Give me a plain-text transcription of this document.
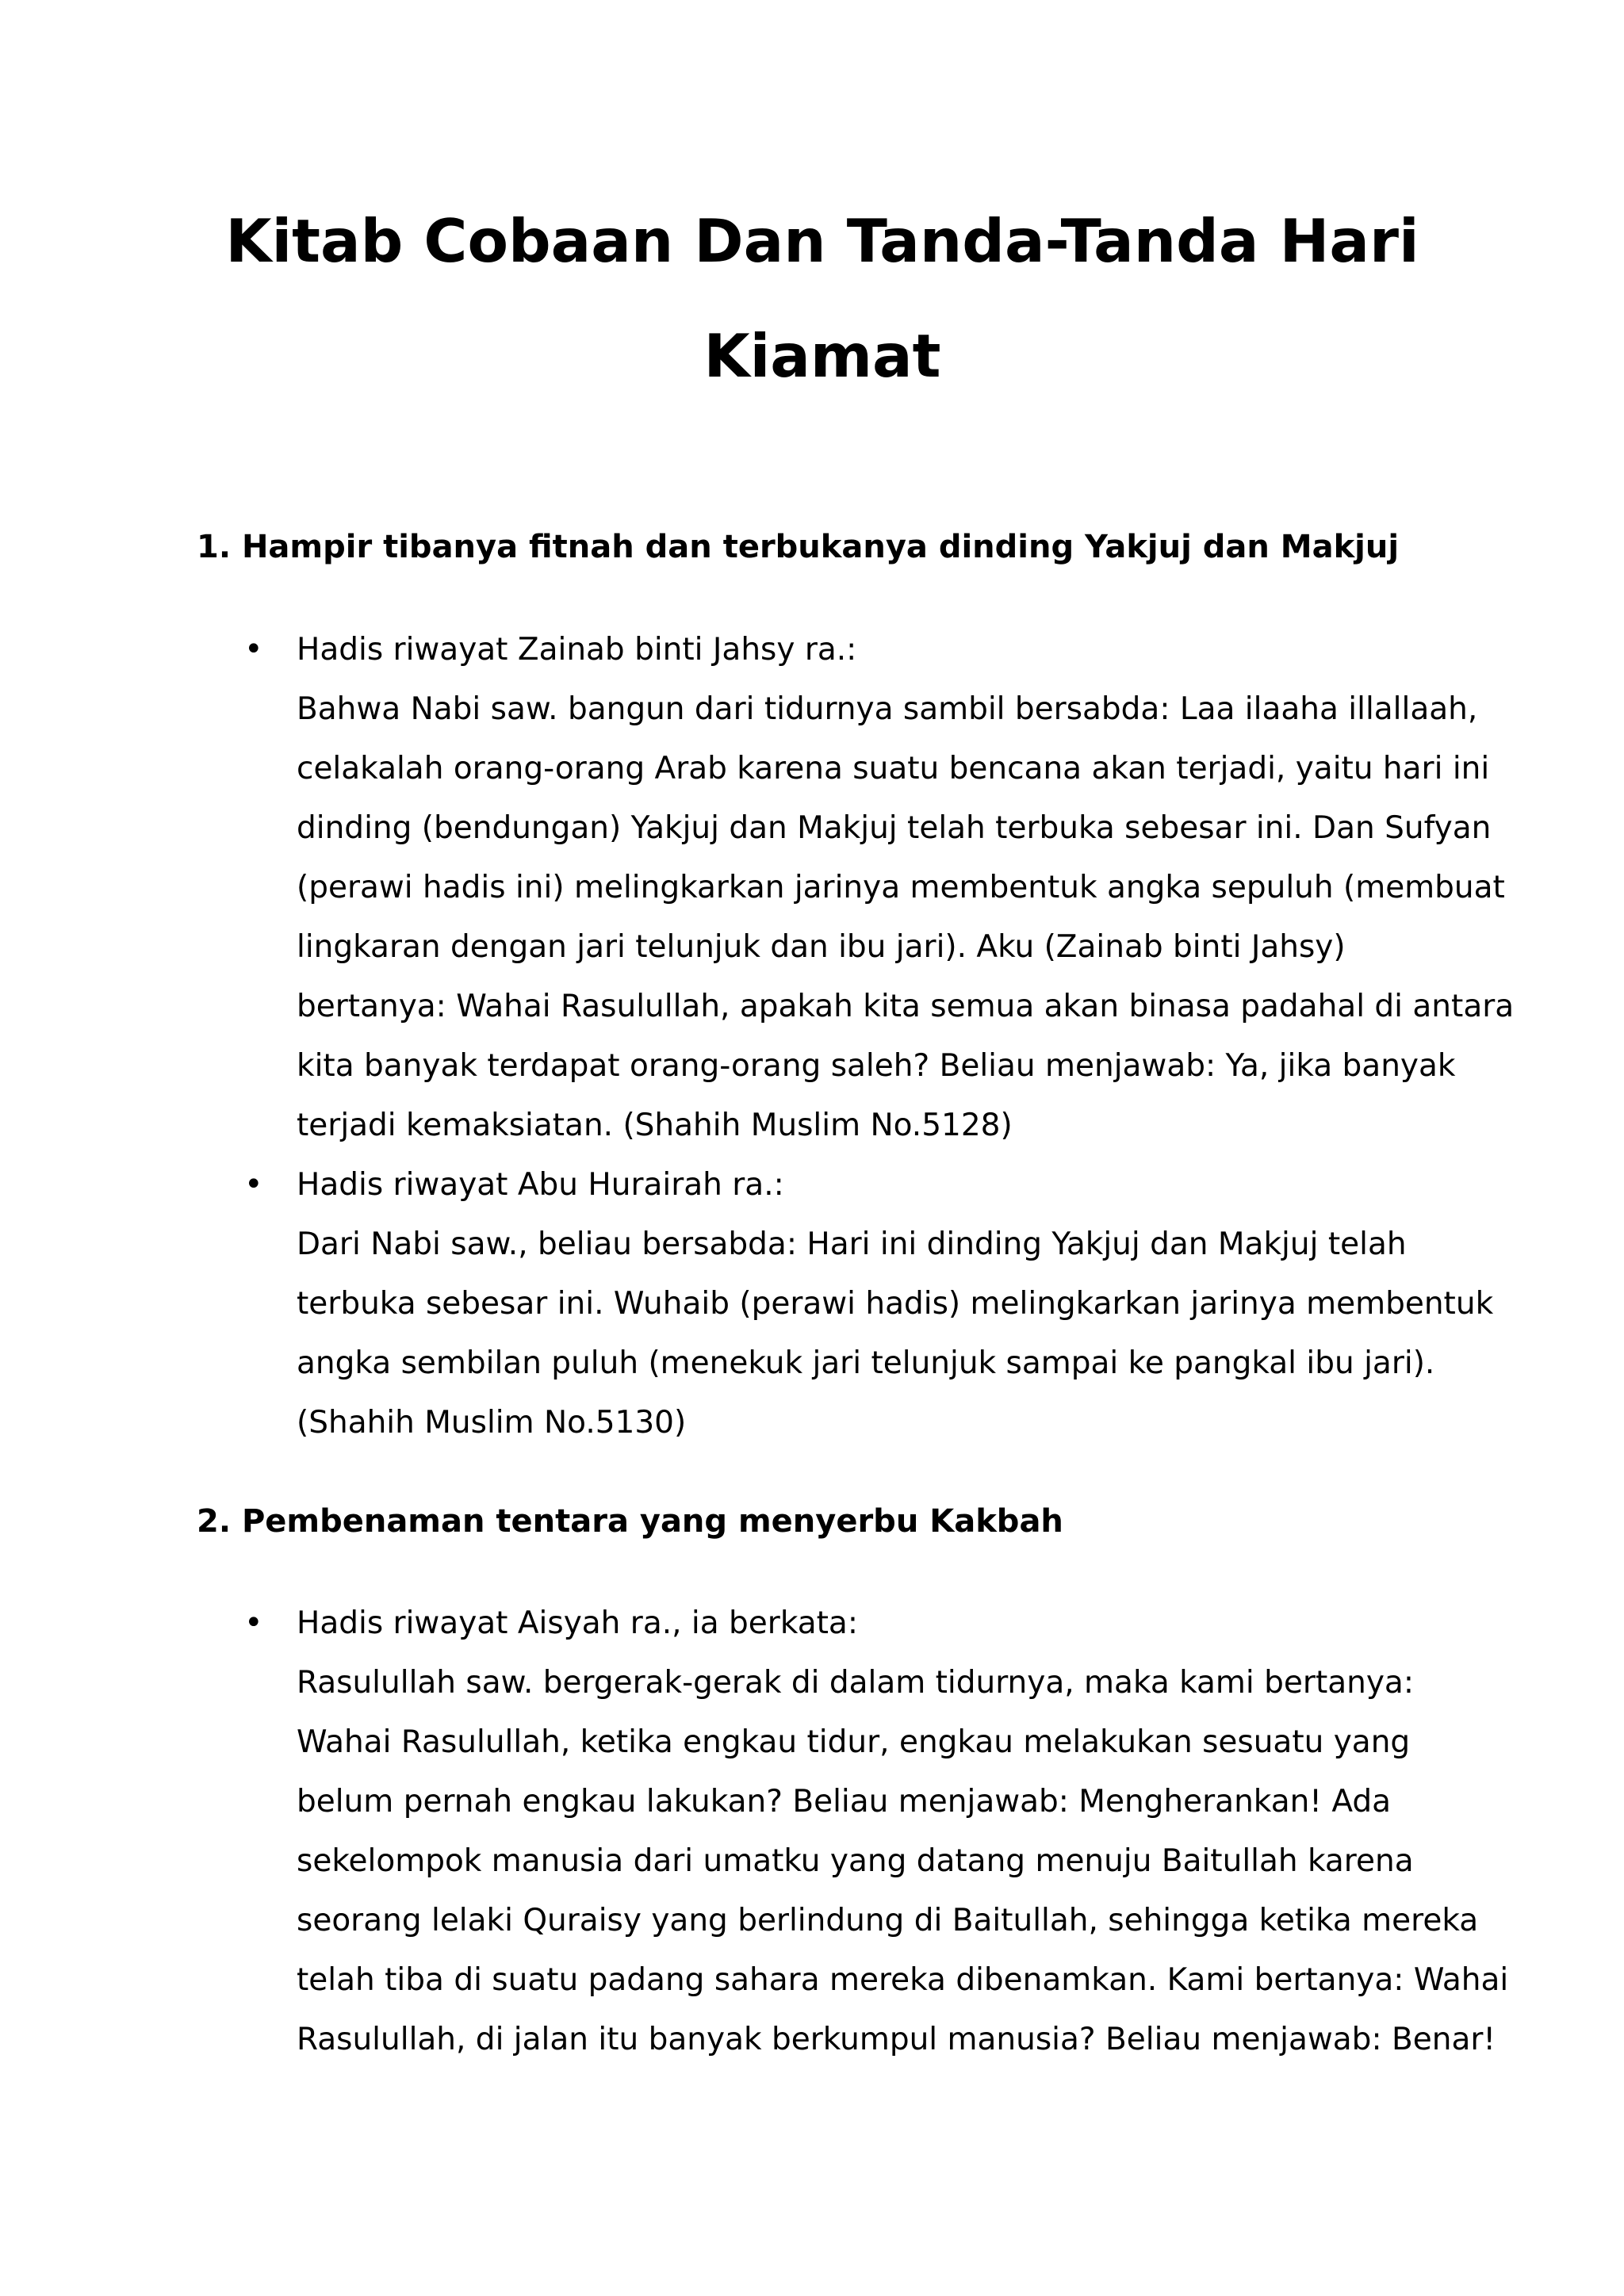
Kitab Cobaan Dan Tanda-Tanda Hari
Kiamat
1. Hampir tibanya fitnah dan terbukanya dinding Yakjuj dan Makjuj
•	Hadis riwayat Zainab binti Jahsy ra.:
Bahwa Nabi saw. bangun dari tidurnya sambil bersabda: Laa ilaaha illallaah,
celakalah orang-orang Arab karena suatu bencana akan terjadi, yaitu hari ini
dinding (bendungan) Yakjuj dan Makjuj telah terbuka sebesar ini. Dan Sufyan
(perawi hadis ini) melingkarkan jarinya membentuk angka sepuluh (membuat
lingkaran dengan jari telunjuk dan ibu jari). Aku (Zainab binti Jahsy)
bertanya: Wahai Rasulullah, apakah kita semua akan binasa padahal di antara
kita banyak terdapat orang-orang saleh? Beliau menjawab: Ya, jika banyak
terjadi kemaksiatan. (Shahih Muslim No.5128)
•	Hadis riwayat Abu Hurairah ra.:
Dari Nabi saw., beliau bersabda: Hari ini dinding Yakjuj dan Makjuj telah
terbuka sebesar ini. Wuhaib (perawi hadis) melingkarkan jarinya membentuk
angka sembilan puluh (menekuk jari telunjuk sampai ke pangkal ibu jari).
(Shahih Muslim No.5130)
2. Pembenaman tentara yang menyerbu Kakbah
•	Hadis riwayat Aisyah ra., ia berkata:
Rasulullah saw. bergerak-gerak di dalam tidurnya, maka kami bertanya:
Wahai Rasulullah, ketika engkau tidur, engkau melakukan sesuatu yang
belum pernah engkau lakukan? Beliau menjawab: Mengherankan! Ada
sekelompok manusia dari umatku yang datang menuju Baitullah karena
seorang lelaki Quraisy yang berlindung di Baitullah, sehingga ketika mereka
telah tiba di suatu padang sahara mereka dibenamkan. Kami bertanya: Wahai
Rasulullah, di jalan itu banyak berkumpul manusia? Beliau menjawab: Benar!
